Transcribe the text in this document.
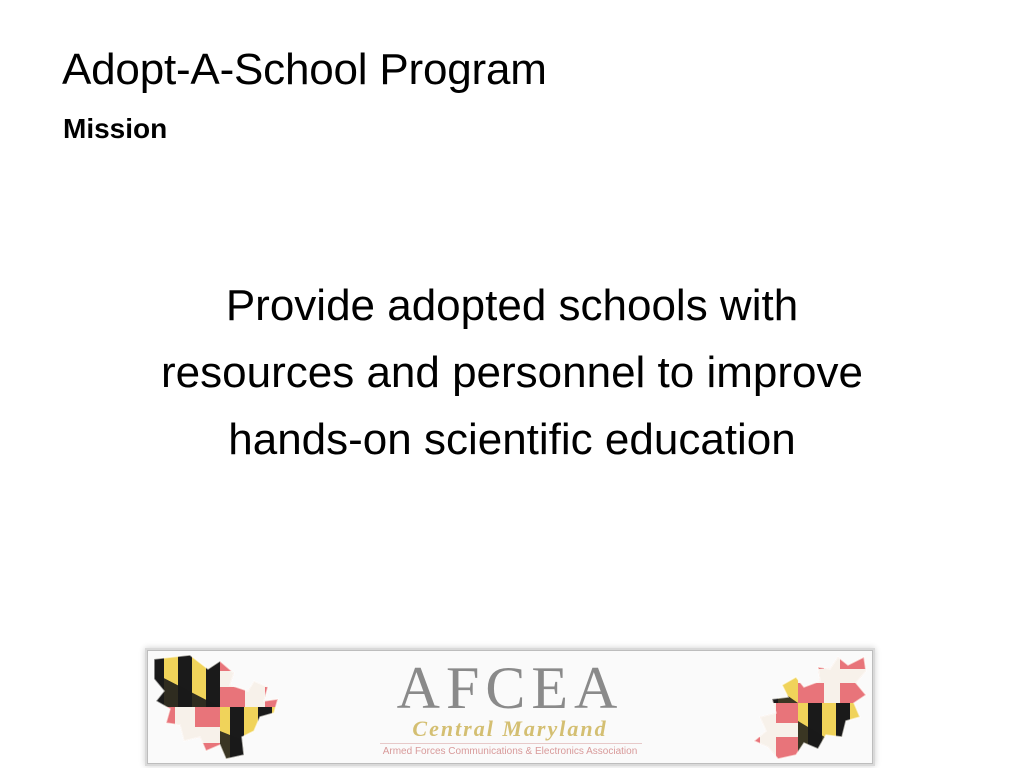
Adopt-A-School Program
Mission

Provide adopted schools with
resources and personnel to improve
hands-on scientific education

AFCEA
Central Maryland
Armed Forces Communications & Electronics Association
